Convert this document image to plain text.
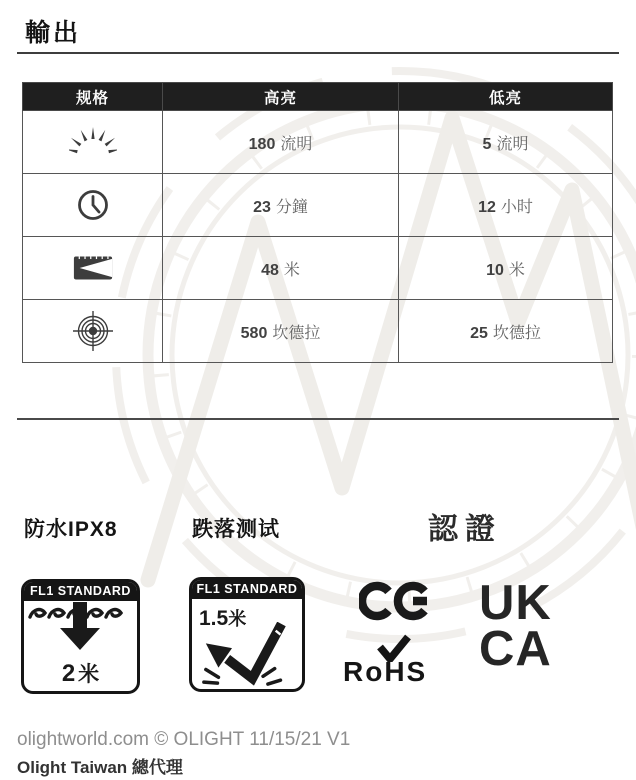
輸出
规格	高亮	低亮

	180 流明	5 流明

	23 分鐘	12 小时

	48 米	10 米

	580 坎德拉	25 坎德拉
防水IPX8	跌落测试	認證
FL1 STANDARD
2 米
FL1 STANDARD
1.5米
RoHS
UK
CA
olightworld.com © OLIGHT 11/15/21 V1
Olight Taiwan 總代理
